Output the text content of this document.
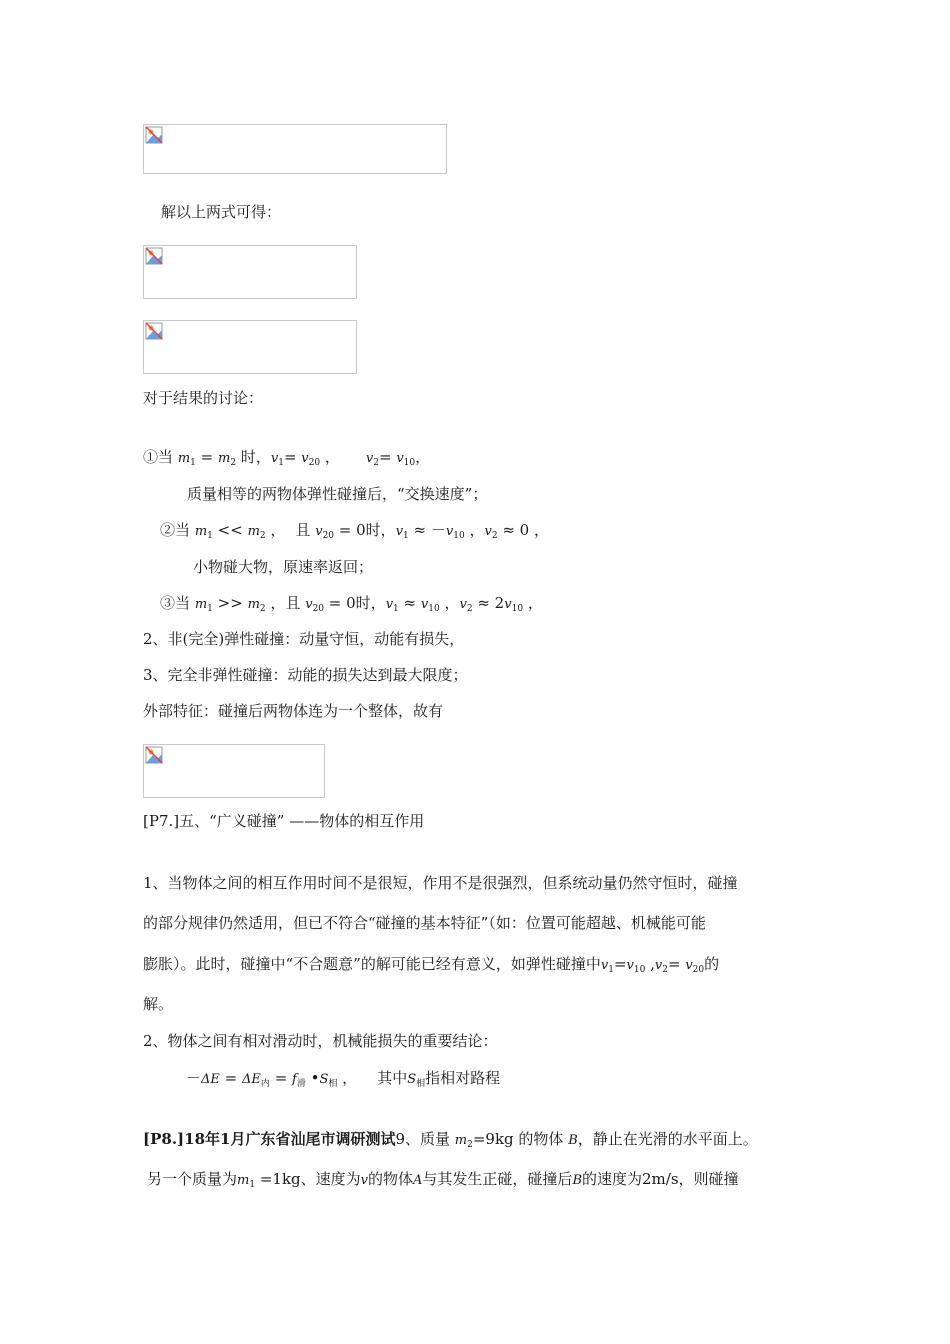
解以上两式可得：
对于结果的讨论：
①当 $m_1 = m_2$ 时，$v_1= v_{20}$ ， $v_2= v_{10}$，
质量相等的两物体弹性碰撞后，“交换速度”；
②当 $m_1 << m_2$ ， 且 $v_{20} = 0$时，$v_1 \approx -v_{10}$ ，$v_2 \approx 0$ ，
小物碰大物，原速率返回；
③当 $m_1 >> m_2$ ，且 $v_{20} = 0$时，$v_1 \approx v_{10}$ ，$v_2 \approx 2v_{10}$ ，
2、非(完全)弹性碰撞：动量守恒，动能有损失，
3、完全非弹性碰撞：动能的损失达到最大限度；
外部特征：碰撞后两物体连为一个整体，故有
[P7.]五、“广义碰撞” ——物体的相互作用
1、当物体之间的相互作用时间不是很短，作用不是很强烈，但系统动量仍然守恒时，碰撞
的部分规律仍然适用，但已不符合“碰撞的基本特征”（如：位置可能超越、机械能可能
膨胀）。此时，碰撞中“不合题意”的解可能已经有意义，如弹性碰撞中$v_1=v_{10}$ $,v_2= v_{20}$的
解。
2、物体之间有相对滑动时，机械能损失的重要结论：
$-\Delta E = \Delta E_内 = f_滑$ $•S_相$ ， 其中$S_相$指相对路程
[P8.]18年1月广东省汕尾市调研测试9、质量 $m_2=9kg$ 的物体 B，静止在光滑的水平面上。
另一个质量为$m_1 =1kg$、速度为v的物体A与其发生正碰，碰撞后B的速度为2m/s，则碰撞
